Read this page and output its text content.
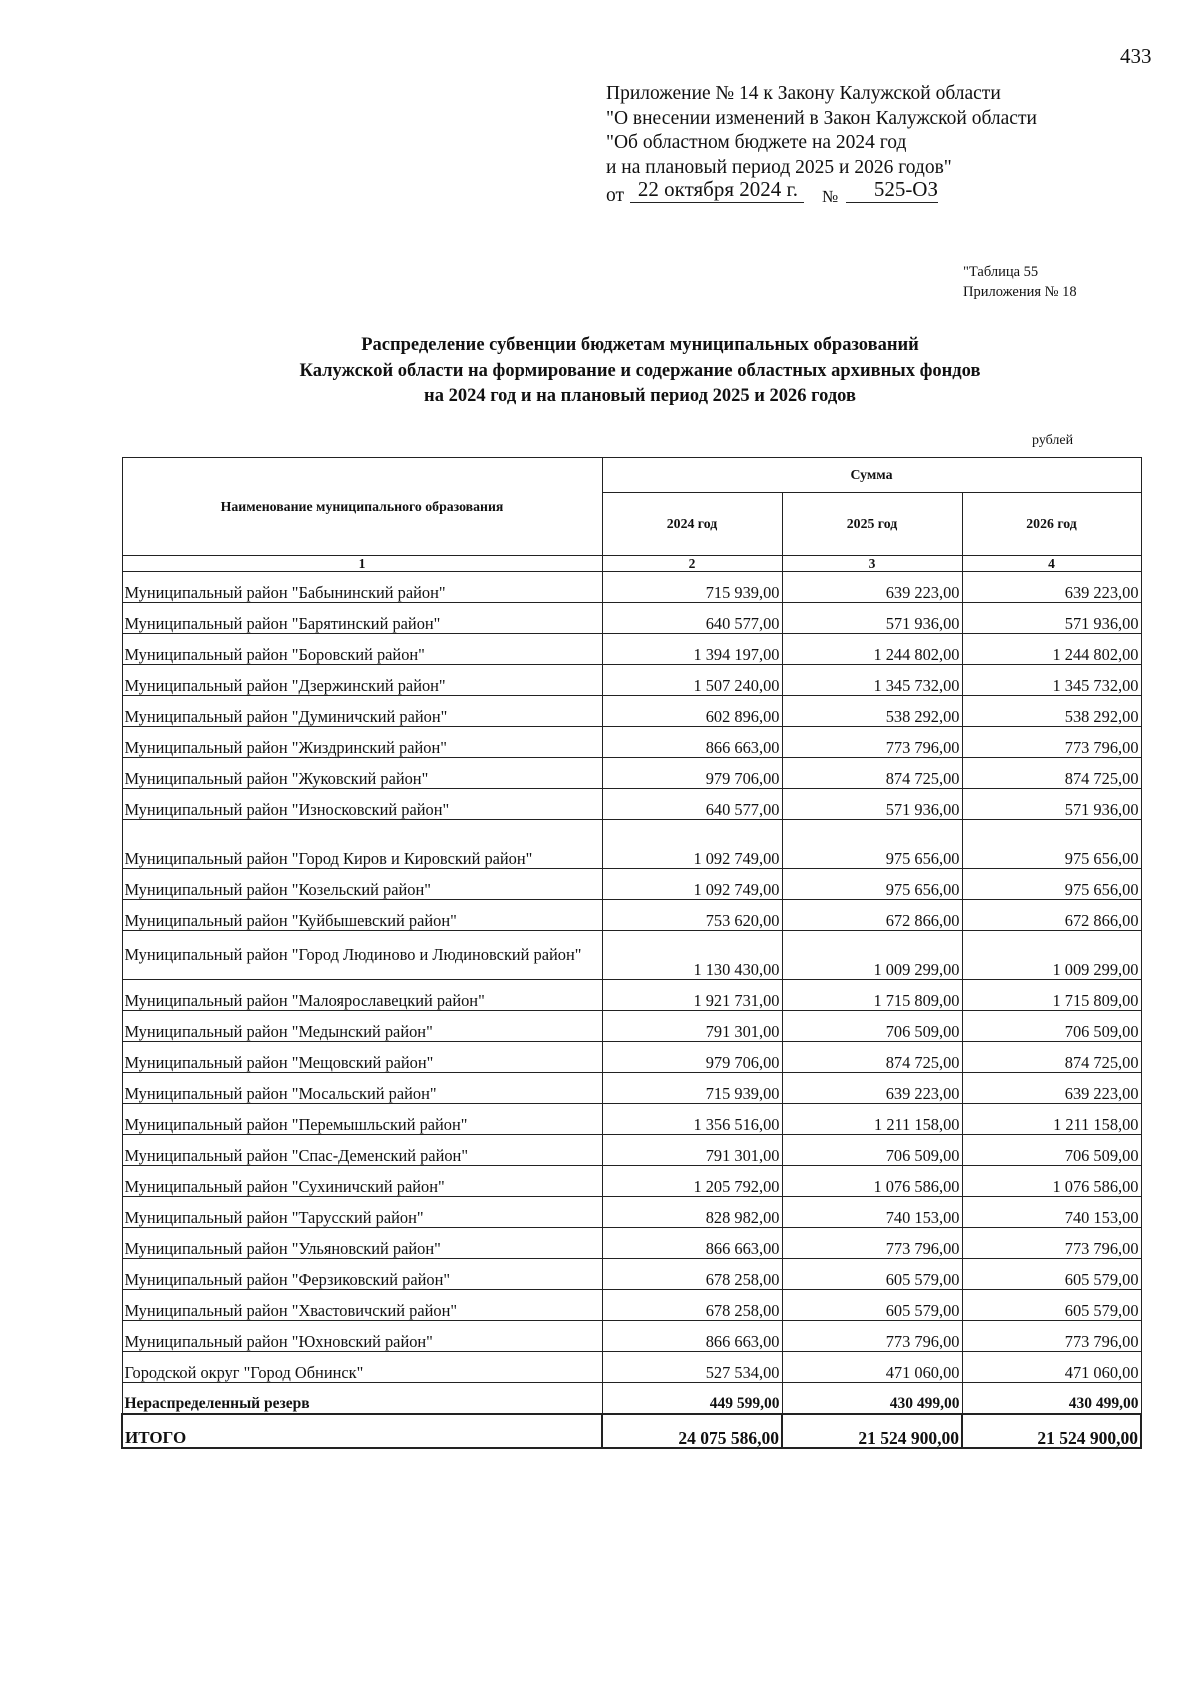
433
Приложение № 14 к Закону Калужской области
"О внесении изменений в Закон Калужской области
"Об областном бюджете на 2024 год
и на плановый период 2025 и 2026 годов"
от 22 октября 2024 г.	№	525-ОЗ
"Таблица 55
Приложения № 18
Распределение субвенции бюджетам муниципальных образований
Калужской области на формирование и содержание областных архивных фондов
на 2024 год и на плановый период 2025 и 2026 годов
рублей
Наименование муниципального образования	Сумма		
	2024 год	2025 год	2026 год
1	2	3	4
Муниципальный район "Бабынинский район"	715 939,00	639 223,00	639 223,00
Муниципальный район "Барятинский район"	640 577,00	571 936,00	571 936,00
Муниципальный район "Боровский район"	1 394 197,00	1 244 802,00	1 244 802,00
Муниципальный район "Дзержинский район"	1 507 240,00	1 345 732,00	1 345 732,00
Муниципальный район "Думиничский район"	602 896,00	538 292,00	538 292,00
Муниципальный район "Жиздринский район"	866 663,00	773 796,00	773 796,00
Муниципальный район "Жуковский район"	979 706,00	874 725,00	874 725,00
Муниципальный район "Износковский район"	640 577,00	571 936,00	571 936,00
Муниципальный район "Город Киров и Кировский район"	1 092 749,00	975 656,00	975 656,00
Муниципальный район "Козельский район"	1 092 749,00	975 656,00	975 656,00
Муниципальный район "Куйбышевский район"	753 620,00	672 866,00	672 866,00
Муниципальный район "Город Людиново и Людиновский район"	1 130 430,00	1 009 299,00	1 009 299,00
Муниципальный район "Малоярославецкий район"	1 921 731,00	1 715 809,00	1 715 809,00
Муниципальный район "Медынский район"	791 301,00	706 509,00	706 509,00
Муниципальный район "Мещовский район"	979 706,00	874 725,00	874 725,00
Муниципальный район "Мосальский район"	715 939,00	639 223,00	639 223,00
Муниципальный район "Перемышльский район"	1 356 516,00	1 211 158,00	1 211 158,00
Муниципальный район "Спас-Деменский район"	791 301,00	706 509,00	706 509,00
Муниципальный район "Сухиничский район"	1 205 792,00	1 076 586,00	1 076 586,00
Муниципальный район "Тарусский район"	828 982,00	740 153,00	740 153,00
Муниципальный район "Ульяновский район"	866 663,00	773 796,00	773 796,00
Муниципальный район "Ферзиковский район"	678 258,00	605 579,00	605 579,00
Муниципальный район "Хвастовичский район"	678 258,00	605 579,00	605 579,00
Муниципальный район "Юхновский район"	866 663,00	773 796,00	773 796,00
Городской округ "Город Обнинск"	527 534,00	471 060,00	471 060,00
Нераспределенный резерв	449 599,00	430 499,00	430 499,00
ИТОГО	24 075 586,00	21 524 900,00	21 524 900,00
